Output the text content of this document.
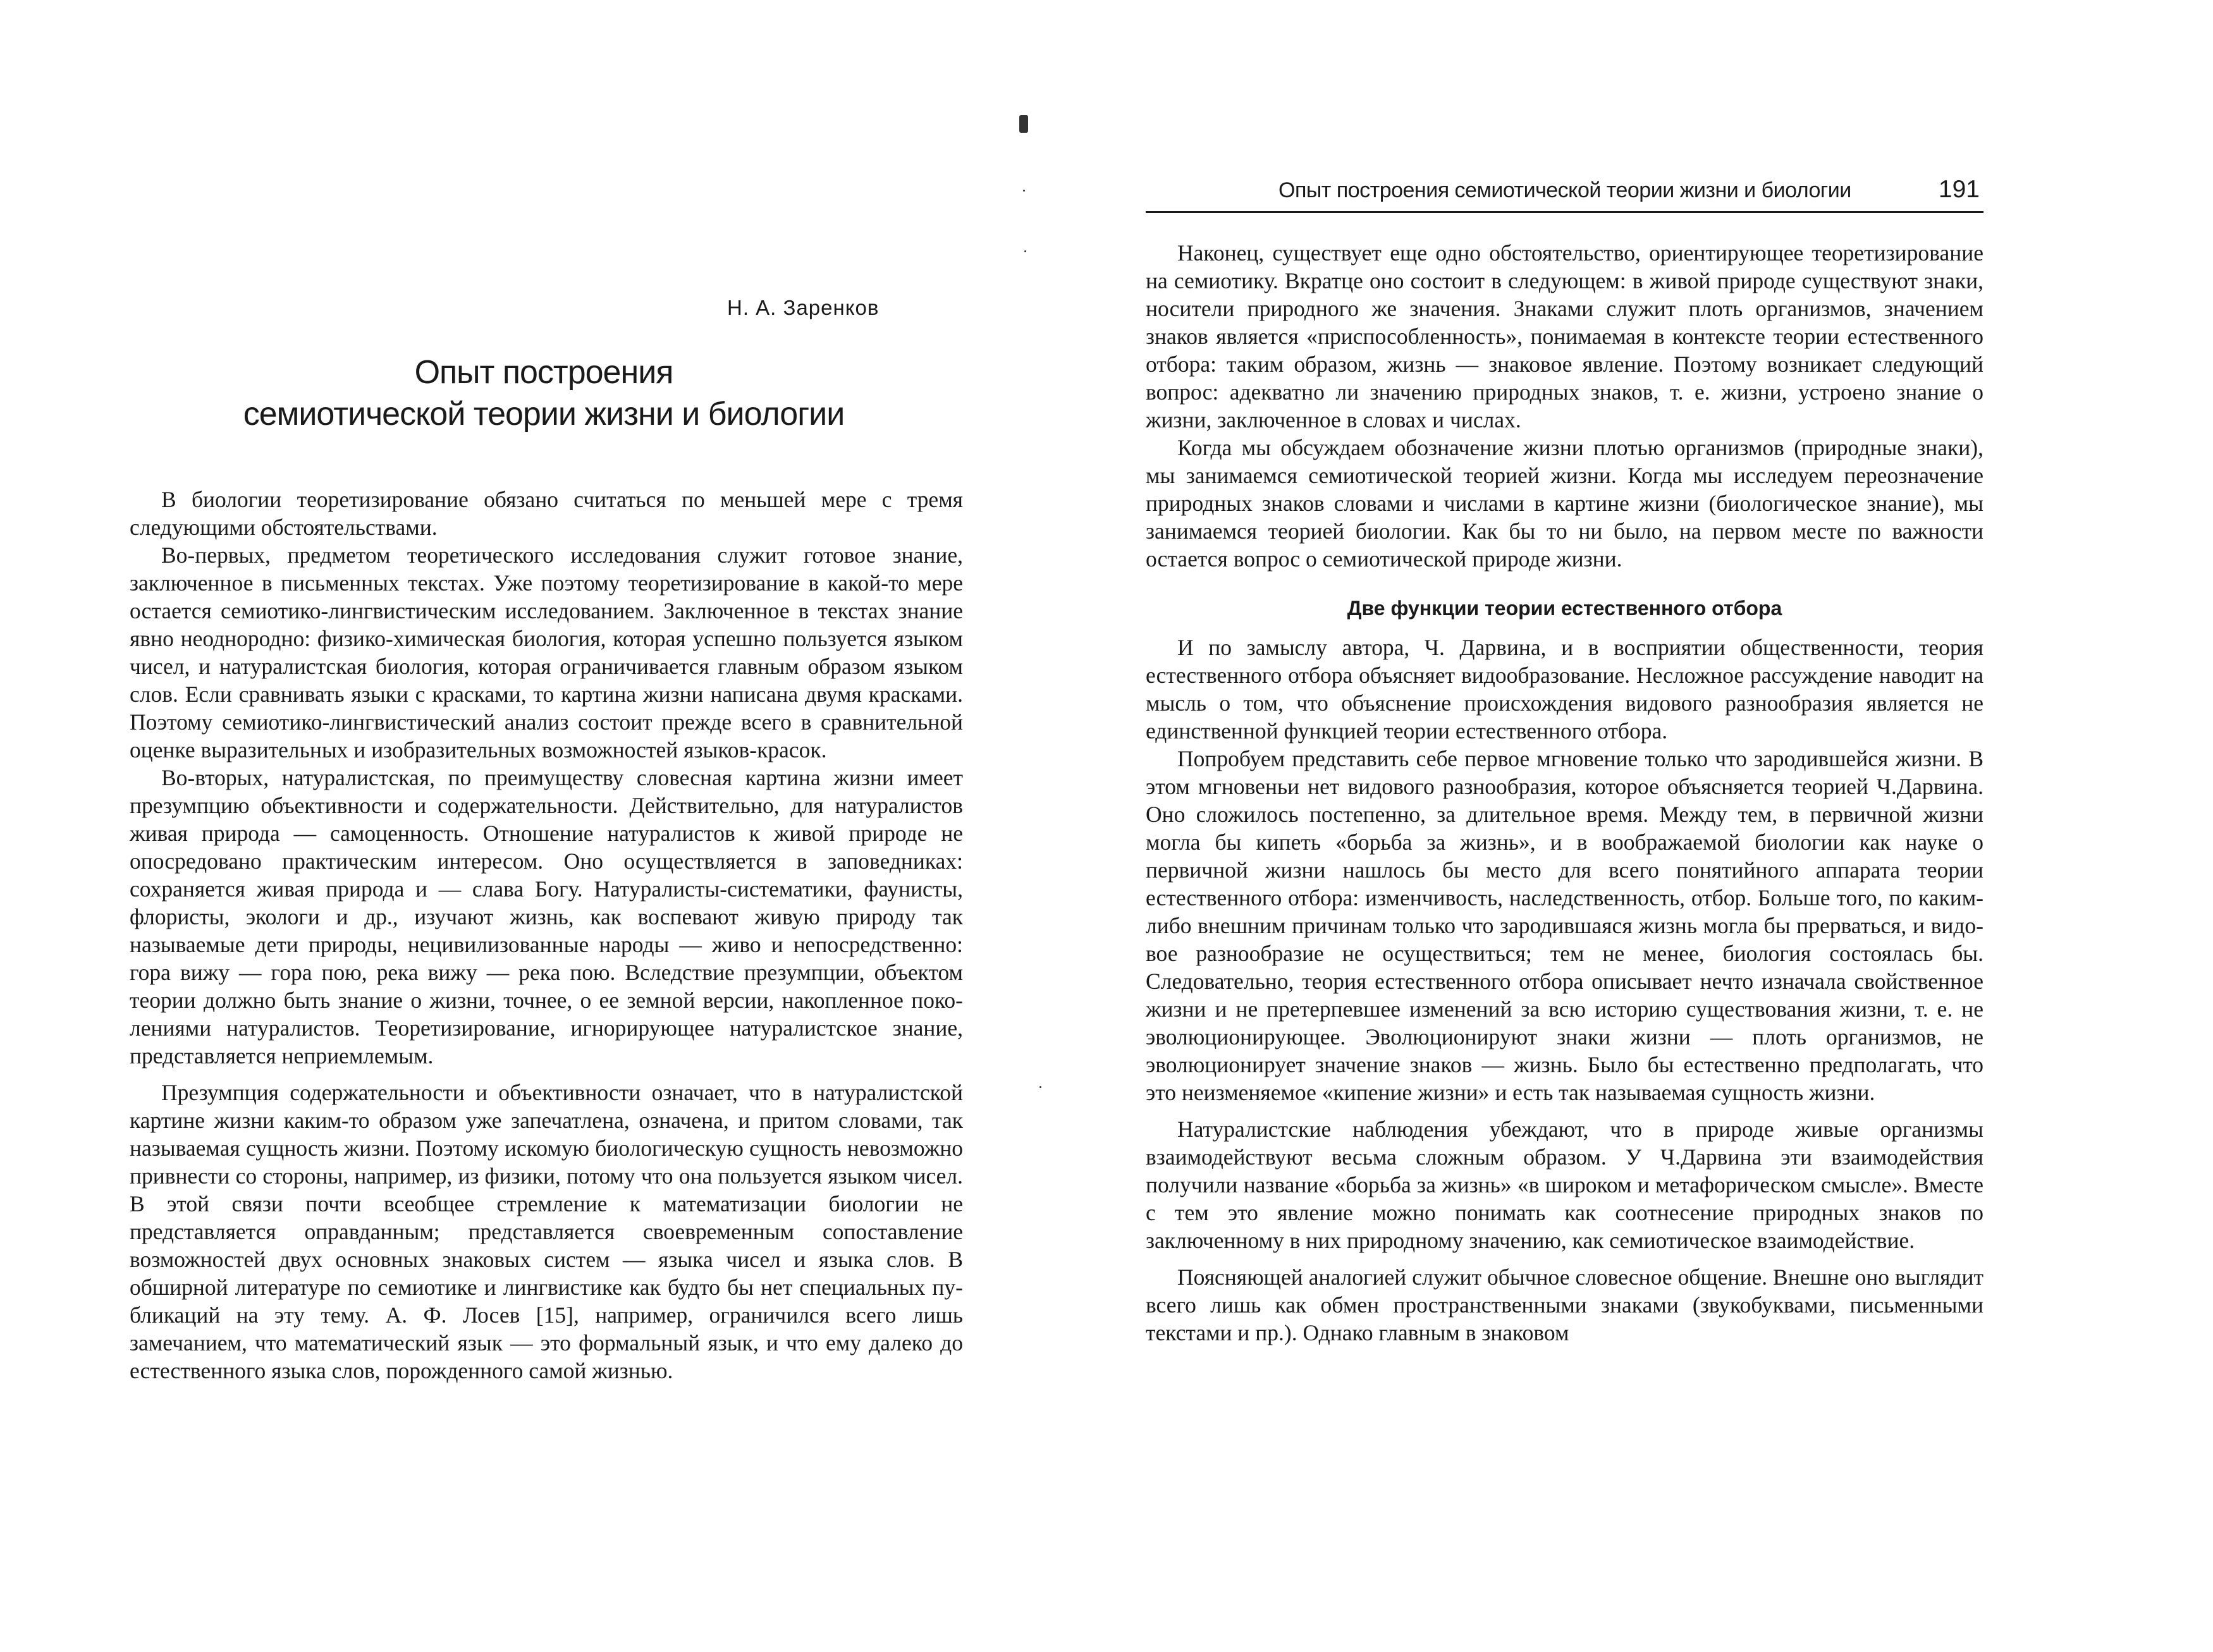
Н. А. Заренков
Опыт построения
семиотической теории жизни и биологии

В биологии теоретизирование обязано считаться по меньшей мере с тремя следующими обстоятельствами.

Во-первых, предметом теоретического исследования служит готовое знание, заключенное в письменных текстах. Уже поэтому теоретизирование в какой-то мере остается семиотико-лингвистическим исследованием. Заключенное в текстах знание явно неоднородно: физико-химическая биология, которая успешно пользуется языком чисел, и натуралистская биология, которая ограничивается главным образом языком слов. Если сравнивать языки с красками, то картина жизни написана двумя красками. Поэтому семиотико-лингвистический анализ состоит прежде всего в сравнительной оценке выразительных и изобразительных возможностей языков-красок.

Во-вторых, натуралистская, по преимуществу словесная картина жизни имеет презумпцию объективности и содержательности. Действительно, для натуралистов живая природа — самоценность. Отношение натуралистов к живой природе не опосредовано практическим интересом. Оно осуществляется в заповедниках: сохраняется живая природа и — слава Богу. Натуралисты-систематики, фаунисты, флористы, экологи и др., изучают жизнь, как воспевают живую природу так называемые дети природы, нецивилизованные народы — живо и непосредственно: гора вижу — гора пою, река вижу — река пою. Вследствие презумпции, объектом теории должно быть знание о жизни, точнее, о ее земной версии, накопленное поколениями натуралистов. Теоретизирование, игнорирующее натуралистское знание, представляется неприемлемым.

Презумпция содержательности и объективности означает, что в натуралистской картине жизни каким-то образом уже запечатлена, означена, и притом словами, так называемая сущность жизни. Поэтому искомую биологическую сущность невозможно привнести со стороны, например, из физики, потому что она пользуется языком чисел. В этой связи почти всеобщее стремление к математизации биологии не представляется оправданным; представляется своевременным сопоставление возможностей двух основных знаковых систем — языка чисел и языка слов. В обширной литературе по семиотике и лингвистике как будто бы нет специальных публикаций на эту тему. А. Ф. Лосев [15], например, ограничился всего лишь замечанием, что математический язык — это формальный язык, и что ему далеко до естественного языка слов, порожденного самой жизнью.

Опыт построения семиотической теории жизни и биологии	191

Наконец, существует еще одно обстоятельство, ориентирующее теоретизирование на семиотику. Вкратце оно состоит в следующем: в живой природе существуют знаки, носители природного же значения. Знаками служит плоть организмов, значением знаков является «приспособленность», понимаемая в контексте теории естественного отбора: таким образом, жизнь — знаковое явление. Поэтому возникает следующий вопрос: адекватно ли значению природных знаков, т. е. жизни, устроено знание о жизни, заключенное в словах и числах.

Когда мы обсуждаем обозначение жизни плотью организмов (природные знаки), мы занимаемся семиотической теорией жизни. Когда мы исследуем переозначение природных знаков словами и числами в картине жизни (биологическое знание), мы занимаемся теорией биологии. Как бы то ни было, на первом месте по важности остается вопрос о семиотической природе жизни.

Две функции теории естественного отбора

И по замыслу автора, Ч. Дарвина, и в восприятии общественности, теория естественного отбора объясняет видообразование. Несложное рассуждение наводит на мысль о том, что объяснение происхождения видового разнообразия является не единственной функцией теории естественного отбора.

Попробуем представить себе первое мгновение только что зародившейся жизни. В этом мгновеньи нет видового разнообразия, которое объясняется теорией Ч.Дарвина. Оно сложилось постепенно, за длительное время. Между тем, в первичной жизни могла бы кипеть «борьба за жизнь», и в воображаемой биологии как науке о первичной жизни нашлось бы место для всего понятийного аппарата теории естественного отбора: изменчивость, наследственность, отбор. Больше того, по каким-либо внешним причинам только что зародившаяся жизнь могла бы прерваться, и видовое разнообразие не осуществиться; тем не менее, биология состоялась бы. Следовательно, теория естественного отбора описывает нечто изначала свойственное жизни и не претерпевшее изменений за всю историю существования жизни, т. е. не эволюционирующее. Эволюционируют знаки жизни — плоть организмов, не эволюционирует значение знаков — жизнь. Было бы естественно предполагать, что это неизменяемое «кипение жизни» и есть так называемая сущность жизни.

Натуралистские наблюдения убеждают, что в природе живые организмы взаимодействуют весьма сложным образом. У Ч.Дарвина эти взаимодействия получили название «борьба за жизнь» «в широком и метафорическом смысле». Вместе с тем это явление можно понимать как соотнесение природных знаков по заключенному в них природному значению, как семиотическое взаимодействие.

Поясняющей аналогией служит обычное словесное общение. Внешне оно выглядит всего лишь как обмен пространственными знаками (звукобуквами, письменными текстами и пр.). Однако главным в знаковом
